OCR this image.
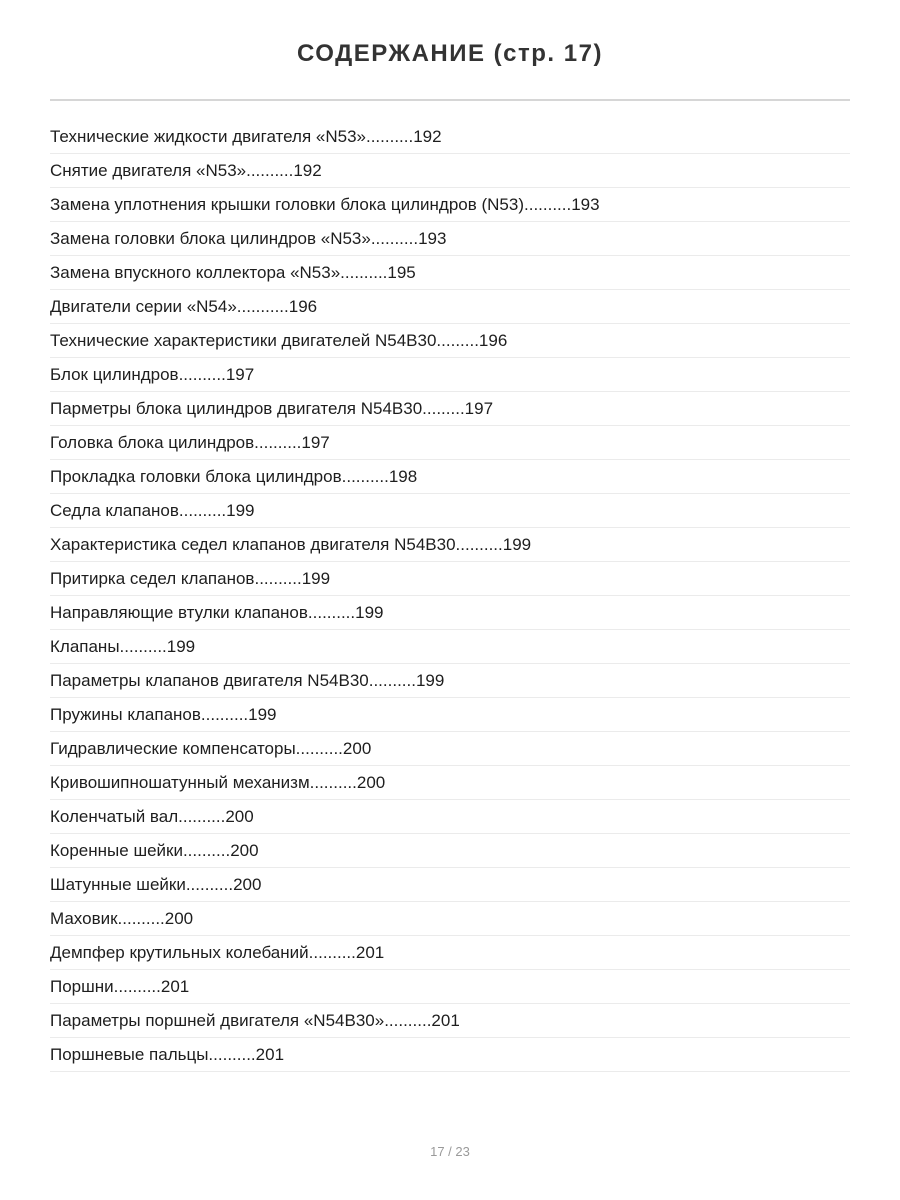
СОДЕРЖАНИЕ (стр. 17)
Технические жидкости двигателя «N53»..........192
Снятие двигателя «N53»..........192
Замена уплотнения крышки головки блока цилиндров (N53)..........193
Замена головки блока цилиндров «N53»..........193
Замена впускного коллектора «N53»..........195
Двигатели серии «N54»...........196
Технические характеристики двигателей N54B30.........196
Блок цилиндров..........197
Парметры блока цилиндров двигателя N54B30.........197
Головка блока цилиндров..........197
Прокладка головки блока цилиндров..........198
Седла клапанов..........199
Характеристика седел клапанов двигателя N54B30..........199
Притирка седел клапанов..........199
Направляющие втулки клапанов..........199
Клапаны..........199
Параметры клапанов двигателя N54B30..........199
Пружины клапанов..........199
Гидравлические компенсаторы..........200
Кривошипношатунный механизм..........200
Коленчатый вал..........200
Коренные шейки..........200
Шатунные шейки..........200
Маховик..........200
Демпфер крутильных колебаний..........201
Поршни..........201
Параметры поршней двигателя «N54B30»..........201
Поршневые пальцы..........201
17 / 23
